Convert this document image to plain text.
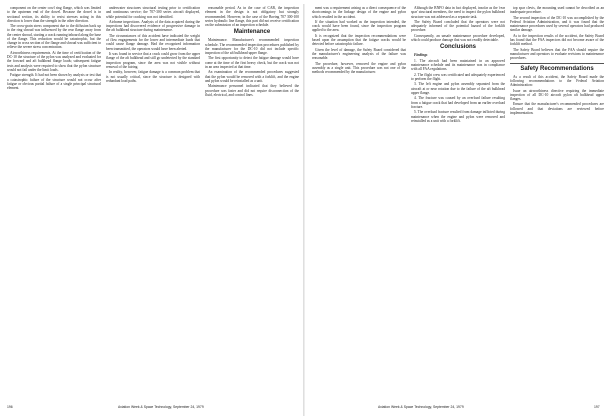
component on the center cowl ring flange, which was limited to the upstream end of the dowel. Because the dowel is in sectional section, its ability to resist stresses acting in this direction is lower than the strength in the other direction.

The cross-grain stress component due to the diffusion back up to the ring shroud was influenced by the rear flange away from the center shroud, starting a crack running inboard along the base of the flange. This reduction would be catastrophic, but the change in cross section of the flange and shroud was sufficient to relieve the severe stress concentration.

Airworthiness requirements. At the time of certification of the DC-10 the structure of the pylon was analyzed and evaluated for the forward and aft bulkhead flange loads; subsequent fatigue tests and analysis were required to show that the pylon structure would not fail under the limit loads.

Fatigue strength. It had not been shown by analysis or test that a catastrophic failure of the structure would not occur after fatigue or obvious partial failure of a single principal structural element.

underwater structures structural testing prior to certification and continuous service; the 707-300 series aircraft displayed, while potential for cracking was not identified.

Airframe inspections. Analysis of the data acquired during the inspections had discovered evidence of progressive damage in the aft bulkhead structure during maintenance.

The circumstances of this accident have indicated the weight of flow engagements for the lower and intermediate loads that could cause flange damage. Had the recognized information been transmitted, the operators would have been alerted.

It was found in service that a crack could grow from the upper flange of the aft bulkhead and still go undetected by the standard inspection program, since the area was not visible without removal of the fairing.

In reality, however, fatigue damage is a common problem that is not usually critical, since the structure is designed with redundant load paths.

reasonable period. As in the case of CAB, the inspection element in the design is not obligatory but strongly recommended. However, in the case of the Boeing 707 300-100 series hydraulic line flange, this part did not receive certification on the submission of an inspection schedule.

Maintenance

Maintenance. Manufacturer's recommended inspection schedule. The recommended inspection procedures published by the manufacturer for the DC-10 did not include specific inspection of the aft bulkhead upper flange.

The first opportunity to detect the fatigue damage would have come at the time of the first heavy check, but the crack was not in an area inspected at that time.

An examination of the recommended procedures suggested that the pylon would be removed with a forklift, and the engine and pylon would be reinstalled as a unit.

Maintenance personnel indicated that they believed the procedure was faster and did not require disconnection of the fluid, electrical, and control lines.

196	Aviation Week & Space Technology, September 24, 1979

ment was a requirement arising as a direct consequence of the shortcomings in the linkage design of the engine and pylon which resulted in the accident.

If the situation had worked as the inspection intended, the crack would have been found, since the inspection program applied to the area.

It is recognized that the inspection recommendations were based upon the assumption that the fatigue cracks would be detected before catastrophic failure.

Given the level of damage, the Safety Board considered that the manufacturer's engineering analysis of the failure was reasonable.

The procedure, however, removed the engine and pylon assembly as a single unit. This procedure was not one of the methods recommended by the manufacturer.

Although the BNFO data in fact displayed, insofar as the 'rear spar' structural members, the need to inspect the pylon bulkhead structure was not addressed as a separate task.

The Safety Board concluded that the operators were not adequately informed of the potential hazard of the forklift procedure.

Consequently, an unsafe maintenance procedure developed, which could produce damage that was not readily detectable.

Conclusions

Findings

1. The aircraft had been maintained in an approved maintenance schedule and its maintenance was in compliance with all FAA regulations.

2. The flight crew was certificated and adequately experienced to perform the flight.

3. The left engine and pylon assembly separated from the aircraft at or near rotation due to the failure of the aft bulkhead upper flange.

4. The fracture was caused by an overload failure resulting from a fatigue crack that had developed from an earlier overload fracture.

5. The overload fracture resulted from damage inflicted during maintenance when the engine and pylon were removed and reinstalled as a unit with a forklift.

top spar clevis, the mounting used cannot be described as an inadequate procedure.

The second inspection of the DC-10 was accomplished by the Federal Aviation Administration, and it was found that the maintenance procedures used by several operators had produced similar damage.

As to the inspection results of the accident, the Safety Board has found that the FAA inspectors did not become aware of the forklift method.

The Safety Board believes that the FAA should require the manufacturer and operators to evaluate revisions to maintenance procedures.

Safety Recommendations

As a result of this accident, the Safety Board made the following recommendations to the Federal Aviation Administration:

Issue an airworthiness directive requiring the immediate inspection of all DC-10 aircraft pylon aft bulkhead upper flanges.

Ensure that the manufacturer's recommended procedures are followed and that deviations are reviewed before implementation.

Aviation Week & Space Technology, September 24, 1979	197
